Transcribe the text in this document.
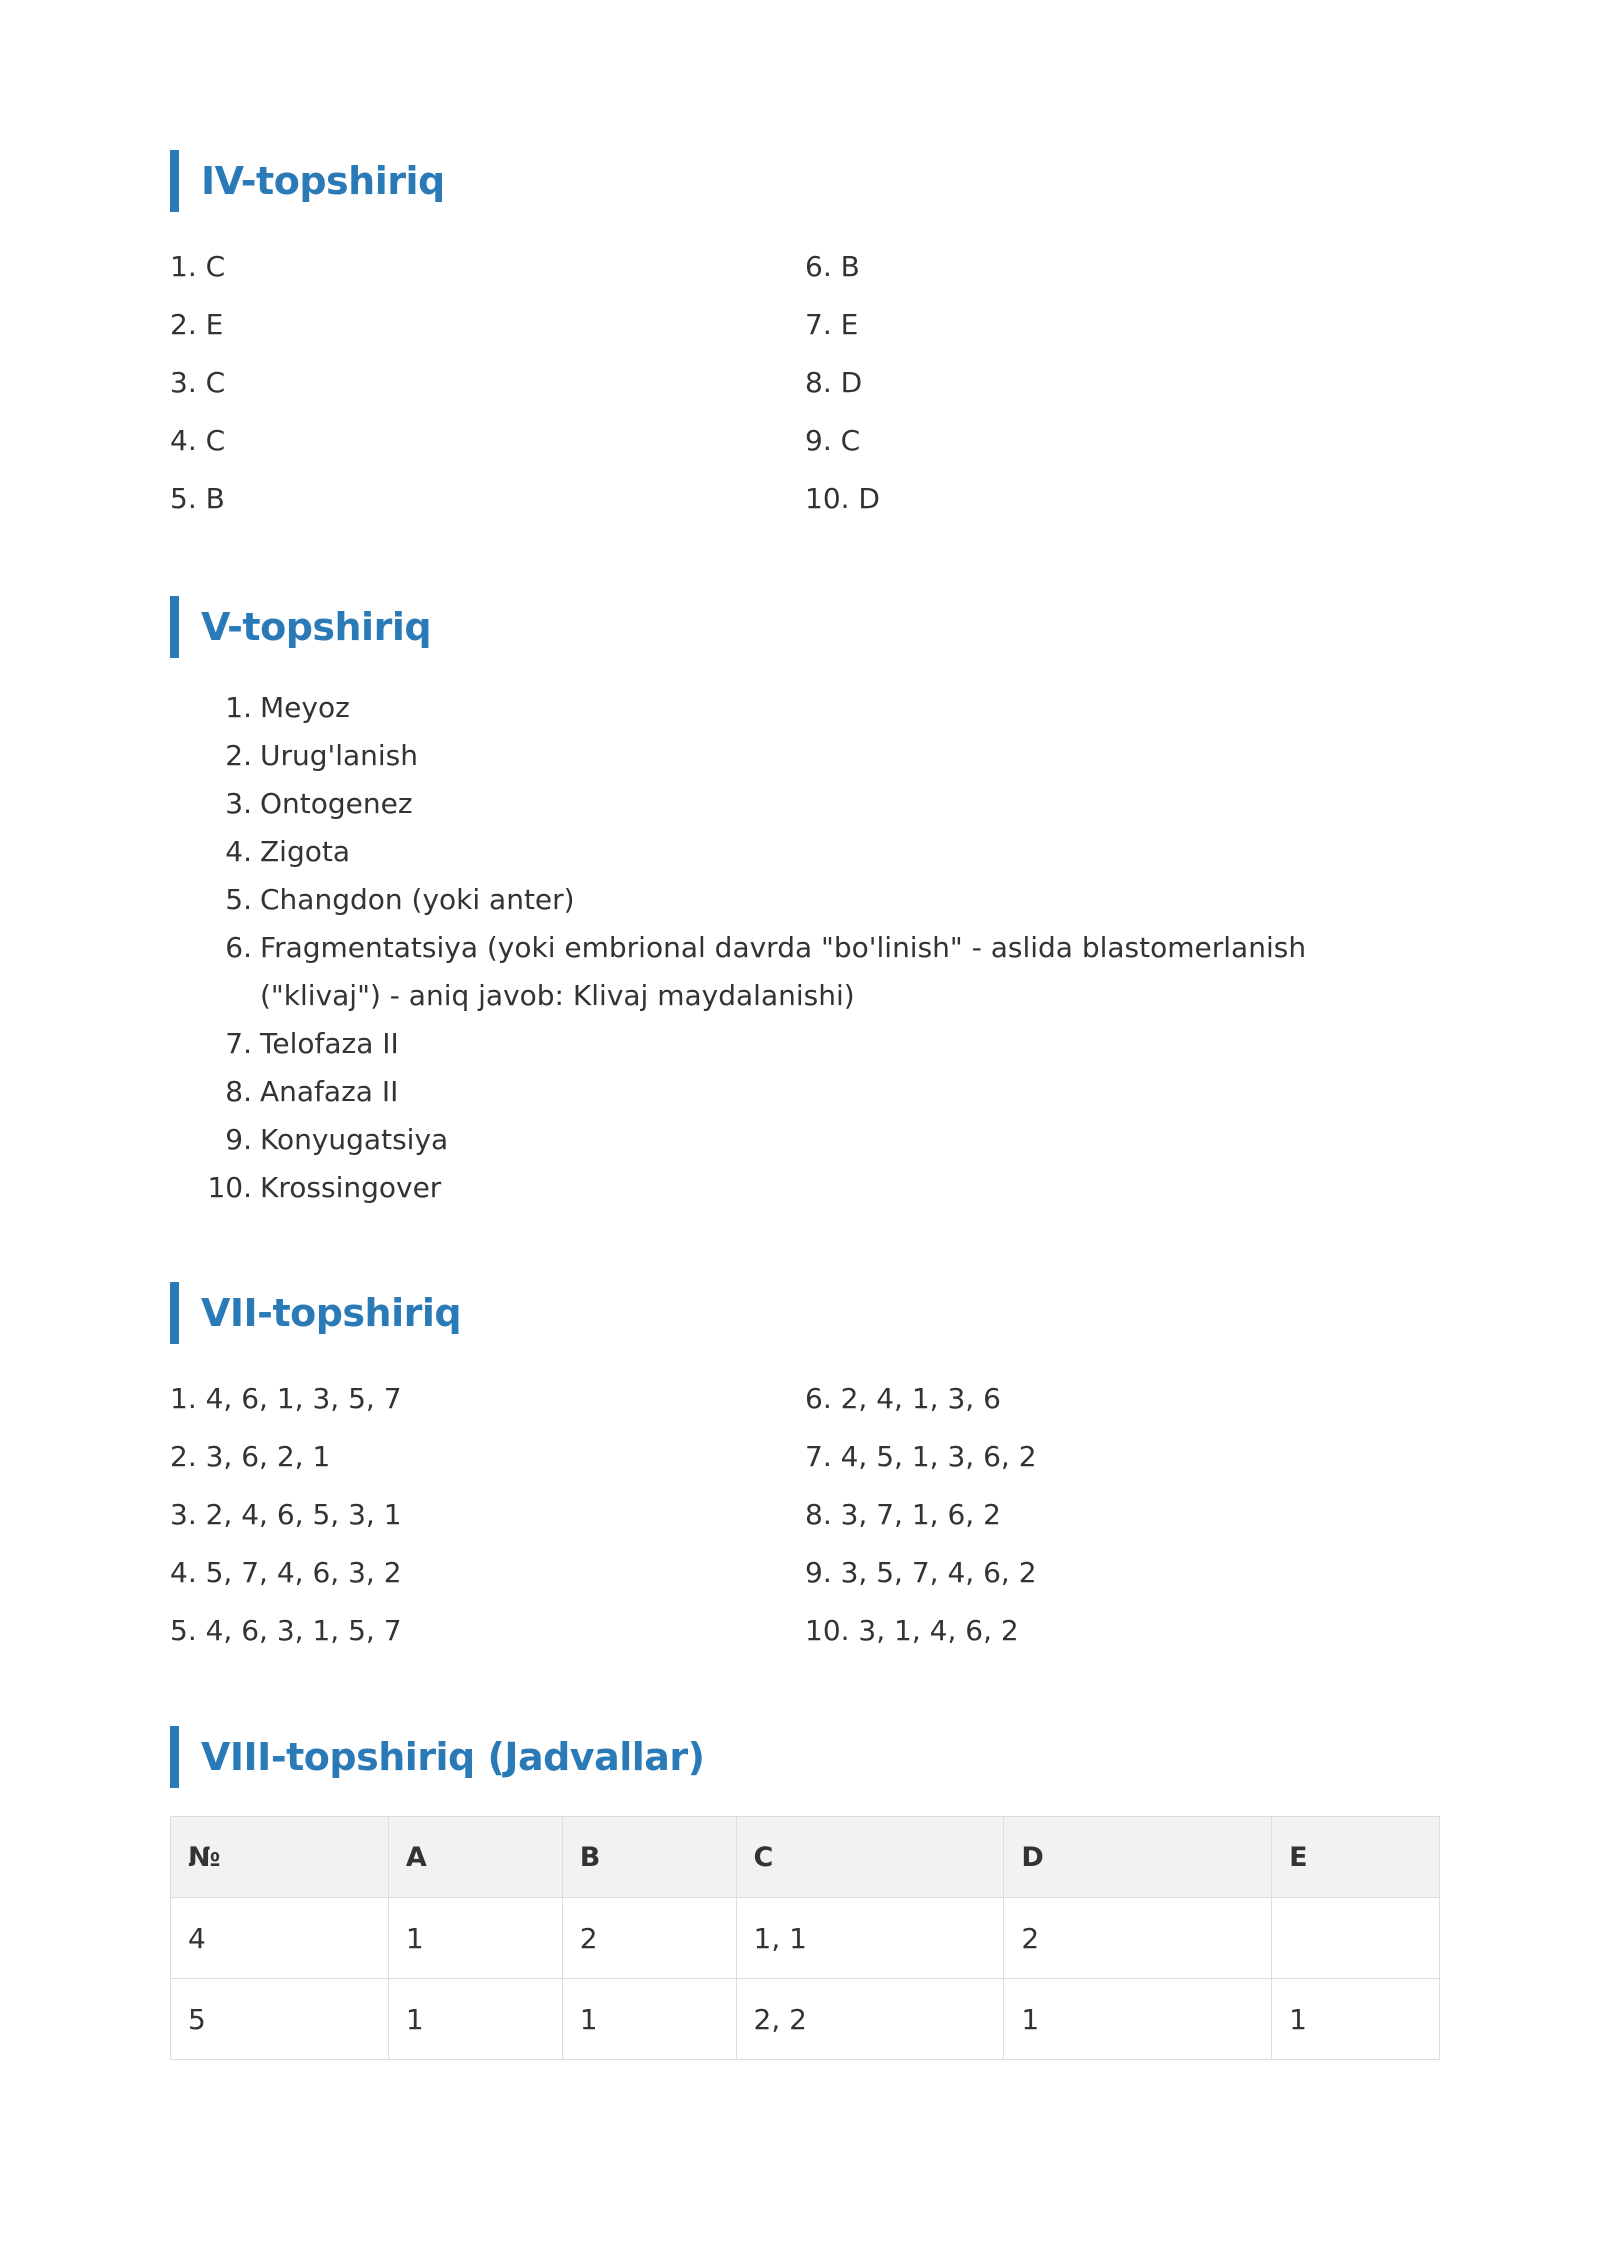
IV-topshiriq
1. C
2. E
3. C
4. C
5. B
6. B
7. E
8. D
9. C
10. D
V-topshiriq
1. Meyoz
2. Urug'lanish
3. Ontogenez
4. Zigota
5. Changdon (yoki anter)
6. Fragmentatsiya (yoki embrional davrda "bo'linish" - aslida blastomerlanish ("klivaj") - aniq javob: Klivaj maydalanishi)
7. Telofaza II
8. Anafaza II
9. Konyugatsiya
10. Krossingover
VII-topshiriq
1. 4, 6, 1, 3, 5, 7
2. 3, 6, 2, 1
3. 2, 4, 6, 5, 3, 1
4. 5, 7, 4, 6, 3, 2
5. 4, 6, 3, 1, 5, 7
6. 2, 4, 1, 3, 6
7. 4, 5, 1, 3, 6, 2
8. 3, 7, 1, 6, 2
9. 3, 5, 7, 4, 6, 2
10. 3, 1, 4, 6, 2
VIII-topshiriq (Jadvallar)
№	A	B	C	D	E
4	1	2	1, 1	2	
5	1	1	2, 2	1	1
